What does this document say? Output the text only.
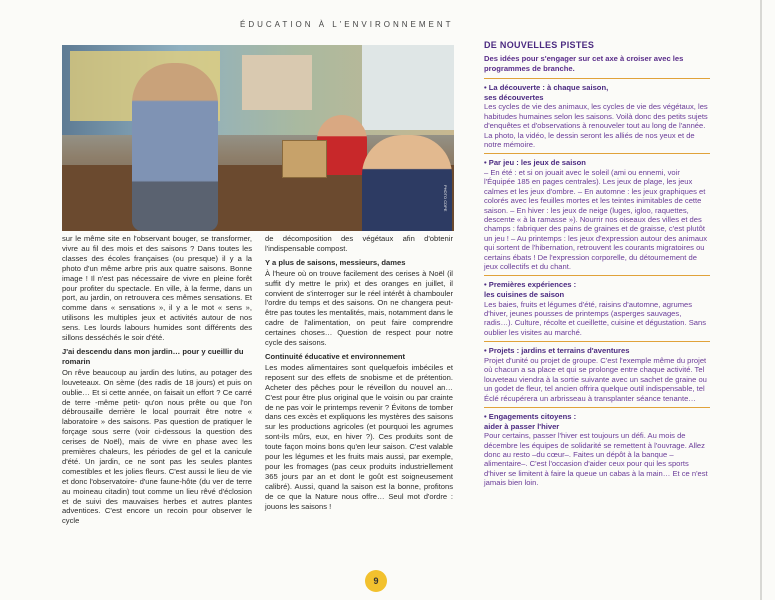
ÉDUCATION À L'ENVIRONNEMENT
PHOTO CDPE

sur le même site en l'observant bouger, se transformer, vivre au fil des mois et des saisons ? Dans toutes les classes des écoles françaises (ou presque) il y a la photo d'un même arbre pris aux quatre saisons. Bonne image ! Il n'est pas nécessaire de vivre en pleine forêt pour profiter du spectacle. En ville, à la ferme, dans un port, au jardin, on retrouvera ces mêmes sensations. Et comme dans « sensations », il y a le mot « sens », utilisons les multiples jeux et activités autour de nos sens. Les lourds labours humides sont différents des sillons desséchés le soir d'été.

J'ai descendu dans mon jardin… pour y cueillir du romarin

On rêve beaucoup au jardin des lutins, au potager des louveteaux. On sème (des radis de 18 jours) et puis on oublie… Et si cette année, on faisait un effort ? Ce carré de terre -même petit- qu'on nous prête ou que l'on débrousaille derrière le local pourrait être notre « laboratoire » des saisons. Pas question de pratiquer le forçage sous serre (voir ci-dessous la question des cerises de Noël), mais de vivre en phase avec les premières chaleurs, les périodes de gel et la canicule d'été. Un jardin, ce ne sont pas les seules plantes comestibles et les jolies fleurs. C'est aussi le lieu de vie et donc l'observatoire- d'une faune-hôte (du ver de terre au moineau citadin) tout comme un lieu rêvé d'éclosion et de suivi des mauvaises herbes et autres plantes adventices. C'est encore un recoin pour observer le cycle

de décomposition des végétaux afin d'obtenir l'indispensable compost.

Y a plus de saisons, messieurs, dames

À l'heure où on trouve facilement des cerises à Noël (il suffit d'y mettre le prix) et des oranges en juillet, il convient de s'interroger sur le réel intérêt à chambouler l'ordre du temps et des saisons. On ne changera peut-être pas toutes les mentalités, mais, notamment dans le cadre de l'alimentation, on peut faire comprendre certaines choses… Question de respect pour notre cycle des saisons.

Continuité éducative et environnement

Les modes alimentaires sont quelquefois imbéciles et reposent sur des effets de snobisme et de prétention. Acheter des pêches pour le réveillon du nouvel an… C'est pour être plus original que le voisin ou par crainte de ne pas voir le printemps revenir ? Évitons de tomber dans ces excès et expliquons les mystères des saisons sur les productions agricoles (et pourquoi les agrumes sont-ils mûrs, eux, en hiver ?). Ces produits sont de toute façon moins bons qu'en leur saison. C'est valable pour les légumes et les fruits mais aussi, par exemple, pour les fromages (pas ceux produits industriellement 365 jours par an et dont le goût est soigneusement calibré). Aussi, quand la saison est la bonne, profitons de ce que la Nature nous offre… Seul mot d'ordre : jouons les saisons !

DE NOUVELLES PISTES
Des idées pour s'engager sur cet axe à croiser avec les programmes de branche.
• La découverte : à chaque saison,
ses découvertes
Les cycles de vie des animaux, les cycles de vie des végétaux, les habitudes humaines selon les saisons. Voilà donc des petits sujets d'enquêtes et d'observations à renouveler tout au long de l'année. La photo, la vidéo, le dessin seront les alliés de nos yeux et de notre mémoire.
• Par jeu : les jeux de saison
– En été : et si on jouait avec le soleil (ami ou ennemi, voir l'Équipée 185 en pages centrales). Les jeux de plage, les jeux calmes et les jeux d'ombre. – En automne : les jeux graphiques et colorés avec les feuilles mortes et les teintes inimitables de cette saison. – En hiver : les jeux de neige (luges, igloo, raquettes, descente « à la ramasse »). Nourrir nos oiseaux des villes et des champs : fabriquer des pains de graines et de graisse, c'est plutôt un jeu ! – Au printemps : les jeux d'expression autour des animaux qui sortent de l'hibernation, retrouvent les courants migratoires ou certains ébats ! De l'expression corporelle, du détournement de jeux collectifs et du chant.
• Premières expériences :
les cuisines de saison
Les baies, fruits et légumes d'été, raisins d'automne, agrumes d'hiver, jeunes pousses de printemps (asperges sauvages, radis…). Culture, récolte et cueillette, cuisine et dégustation. Sans oublier les visites au marché.
• Projets : jardins et terrains d'aventures
Projet d'unité ou projet de groupe. C'est l'exemple même du projet où chacun a sa place et qui se prolonge entre chaque activité. Tel louveteau viendra à la sortie suivante avec un sachet de graine ou un godet de fleur, tel ancien offrira quelque outil indispensable, tel Éclé récupérera un arbrisseau à transplanter séance tenante…
• Engagements citoyens :
aider à passer l'hiver
Pour certains, passer l'hiver est toujours un défi. Au mois de décembre les équipes de solidarité se remettent à l'ouvrage. Allez donc au resto –du cœur–. Faites un dépôt à la banque –alimentaire–. C'est l'occasion d'aider ceux pour qui les sports d'hiver se limitent à faire la queue un cabas à la main… Et ce n'est jamais bien loin.
9
